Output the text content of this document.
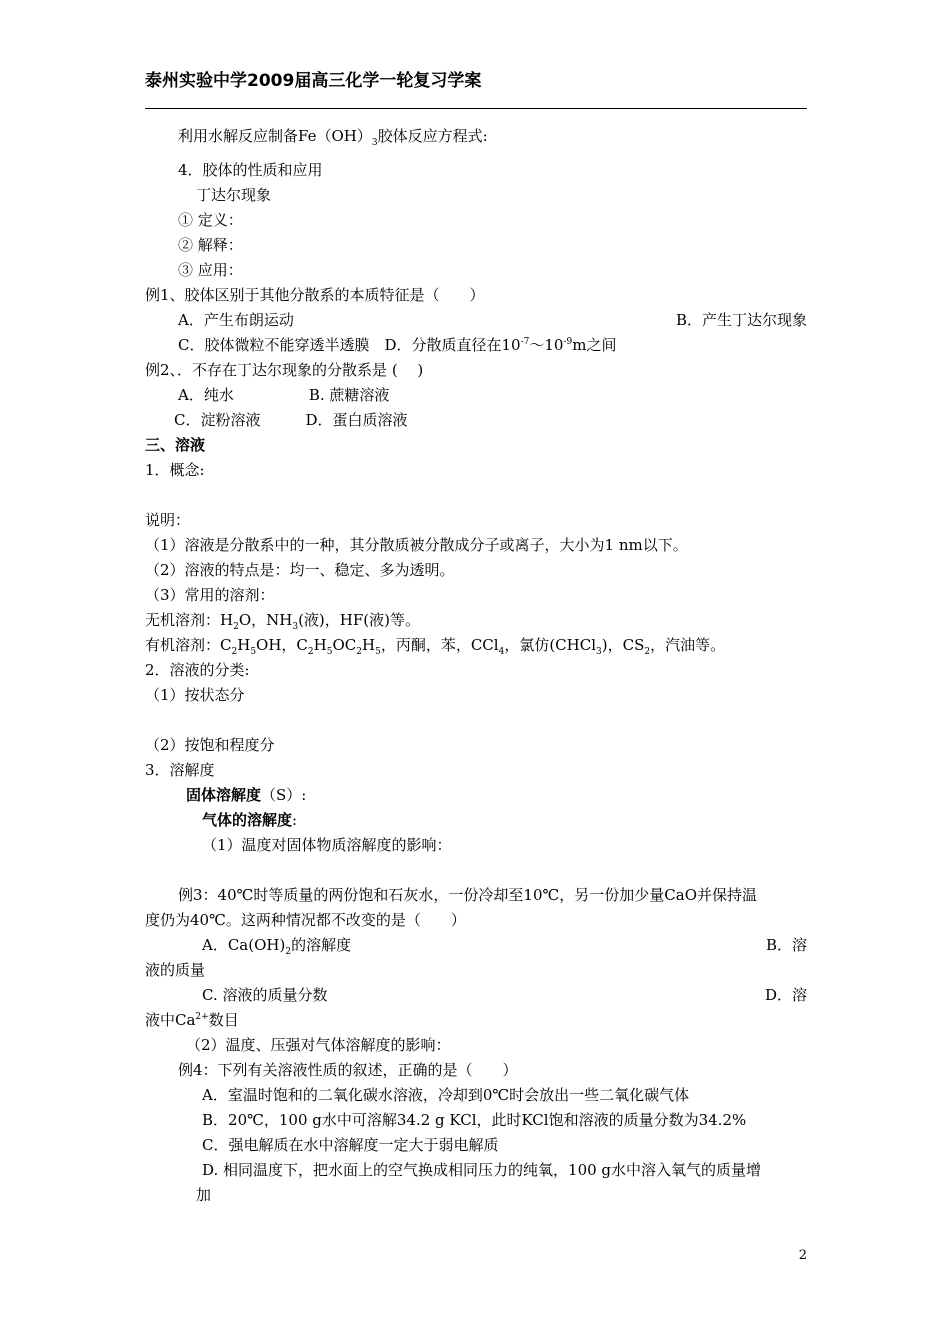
泰州实验中学2009届高三化学一轮复习学案
利用水解反应制备$Fe(OH)_3$胶体反应方程式:
4．胶体的性质和应用
丁达尔现象
① 定义：
② 解释：
③ 应用：
例1、胶体区别于其他分散系的本质特征是（　　）
A．产生布朗运动	B．产生丁达尔现象
C．胶体微粒不能穿透半透膜　D．分散质直径在$10^{-7}\sim 10^{-9}m$之间
例2、．不存在丁达尔现象的分散系是 (　 )
A．纯水　　　　　B. 蔗糖溶液
C．淀粉溶液　　　D．蛋白质溶液
三、溶液
1．概念:
说明：
（1）溶液是分散系中的一种，其分散质被分散成分子或离子，大小为1 nm以下。
（2）溶液的特点是：均一、稳定、多为透明。
（3）常用的溶剂：
无机溶剂：$H_2O$，$NH_3$(液)，HF(液)等。
有机溶剂：$C_2H_5OH$，$C_2H_5OC_2H_5$，丙酮，苯，CCl$_4$，氯仿(CHCl$_3$)，$CS_2$，汽油等。
2．溶液的分类:
（1）按状态分
（2）按饱和程度分
3．溶解度
固体溶解度（S）:
气体的溶解度:
（1）温度对固体物质溶解度的影响：
例3：40℃时等质量的两份饱和石灰水，一份冷却至10℃，另一份加少量CaO并保持温
度仍为40℃。这两种情况都不改变的是（　　）
A．$Ca(OH)_2$的溶解度	B．溶
液的质量
C. 溶液的质量分数	D．溶
液中$Ca^{2+}$数目
（2）温度、压强对气体溶解度的影响：
例4：下列有关溶液性质的叙述，正确的是（　　）
A．室温时饱和的二氧化碳水溶液，冷却到0℃时会放出一些二氧化碳气体
B．20℃，100 g水中可溶解34.2 g KCl，此时KCl饱和溶液的质量分数为34.2%
C．强电解质在水中溶解度一定大于弱电解质
D. 相同温度下，把水面上的空气换成相同压力的纯氧，100 g水中溶入氧气的质量增
加
2
